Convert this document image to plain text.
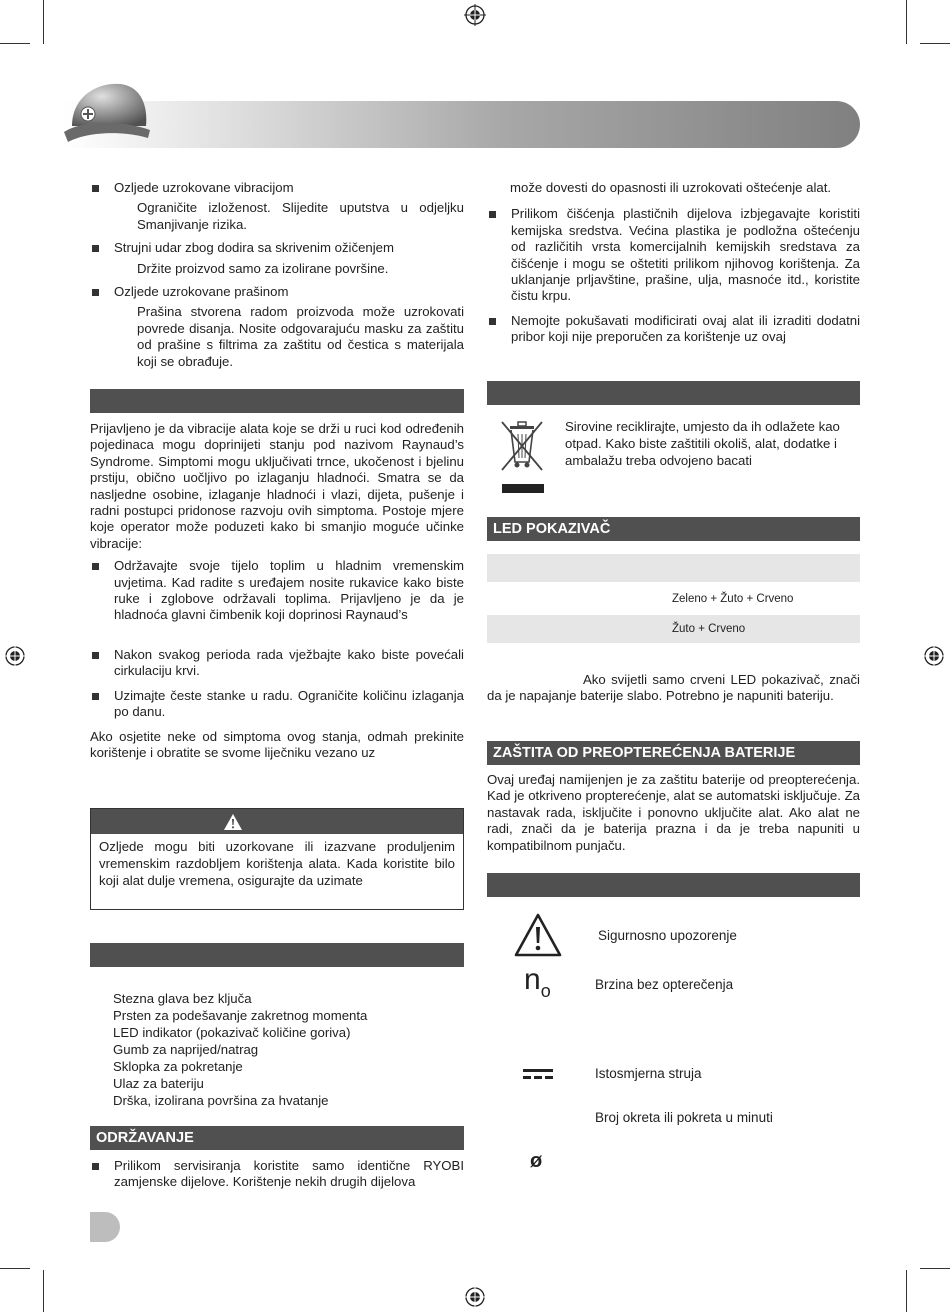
Ozljede uzrokovane vibracijom

Ograničite izloženost. Slijedite uputstva u odjeljku Smanjivanje rizika.

Strujni udar zbog dodira sa skrivenim ožičenjem

Držite proizvod samo za izolirane površine.

Ozljede uzrokovane prašinom

Prašina stvorena radom proizvoda može uzrokovati povrede disanja. Nosite odgovarajuću masku za zaštitu od prašine s filtrima za zaštitu od čestica s materijala koji se obrađuje.

Prijavljeno je da vibracije alata koje se drži u ruci kod određenih pojedinaca mogu doprinijeti stanju pod nazivom Raynaud’s Syndrome. Simptomi mogu uključivati trnce, ukočenost i bjelinu prstiju, obično uočljivo po izlaganju hladnoći. Smatra se da nasljedne osobine, izlaganje hladnoći i vlazi, dijeta, pušenje i radni postupci pridonose razvoju ovih simptoma. Postoje mjere koje operator može poduzeti kako bi smanjio moguće učinke vibracije:

Održavajte svoje tijelo toplim u hladnim vremenskim uvjetima. Kad radite s uređajem nosite rukavice kako biste ruke i zglobove održavali toplima. Prijavljeno je da je hladnoća glavni čimbenik koji doprinosi Raynaud’s

Nakon svakog perioda rada vježbajte kako biste povećali cirkulaciju krvi.

Uzimajte česte stanke u radu. Ograničite količinu izlaganja po danu.

Ako osjetite neke od simptoma ovog stanja, odmah prekinite korištenje i obratite se svome liječniku vezano uz

Ozljede mogu biti uzorkovane ili izazvane produljenim vremenskim razdobljem korištenja alata. Kada koristite bilo koji alat dulje vremena, osigurajte da uzimate

Stezna glava bez ključa
Prsten za podešavanje zakretnog momenta
LED indikator (pokazivač količine goriva)
Gumb za naprijed/natrag
Sklopka za pokretanje
Ulaz za bateriju
Drška, izolirana površina za hvatanje
ODRŽAVANJE

Prilikom servisiranja koristite samo identične RYOBI zamjenske dijelove. Korištenje nekih drugih dijelova

može dovesti do opasnosti ili uzrokovati oštećenje alat.

Prilikom čišćenja plastičnih dijelova izbjegavajte koristiti kemijska sredstva. Većina plastika je podložna oštećenju od različitih vrsta komercijalnih kemijskih sredstava za čišćenje i mogu se oštetiti prilikom njihovog korištenja. Za uklanjanje prljavštine, prašine, ulja, masnoće itd., koristite čistu krpu.

Nemojte pokušavati modificirati ovaj alat ili izraditi dodatni pribor koji nije preporučen za korištenje uz ovaj

Sirovine reciklirajte, umjesto da ih odlažete kao otpad. Kako biste zaštitili okoliš, alat, dodatke i ambalažu treba odvojeno bacati
LED POKAZIVAČ
Zeleno + Žuto + Crveno
Žuto + Crveno

Ako svijetli samo crveni LED pokazivač, znači da je napajanje baterije slabo. Potrebno je napuniti bateriju.

ZAŠTITA OD PREOPTEREĆENJA BATERIJE

Ovaj uređaj namijenjen je za zaštitu baterije od preopterećenja. Kad je otkriveno propterećenje, alat se automatski isključuje. Za nastavak rada, isključite i ponovno uključite alat. Ako alat ne radi, znači da je baterija prazna i da je treba napuniti u kompatibilnom punjaču.

Sigurnosno upozorenje
$n_o$	Brzina bez opterečenja
Istosmjerna struja
Broj okreta ili pokreta u minuti
ø
